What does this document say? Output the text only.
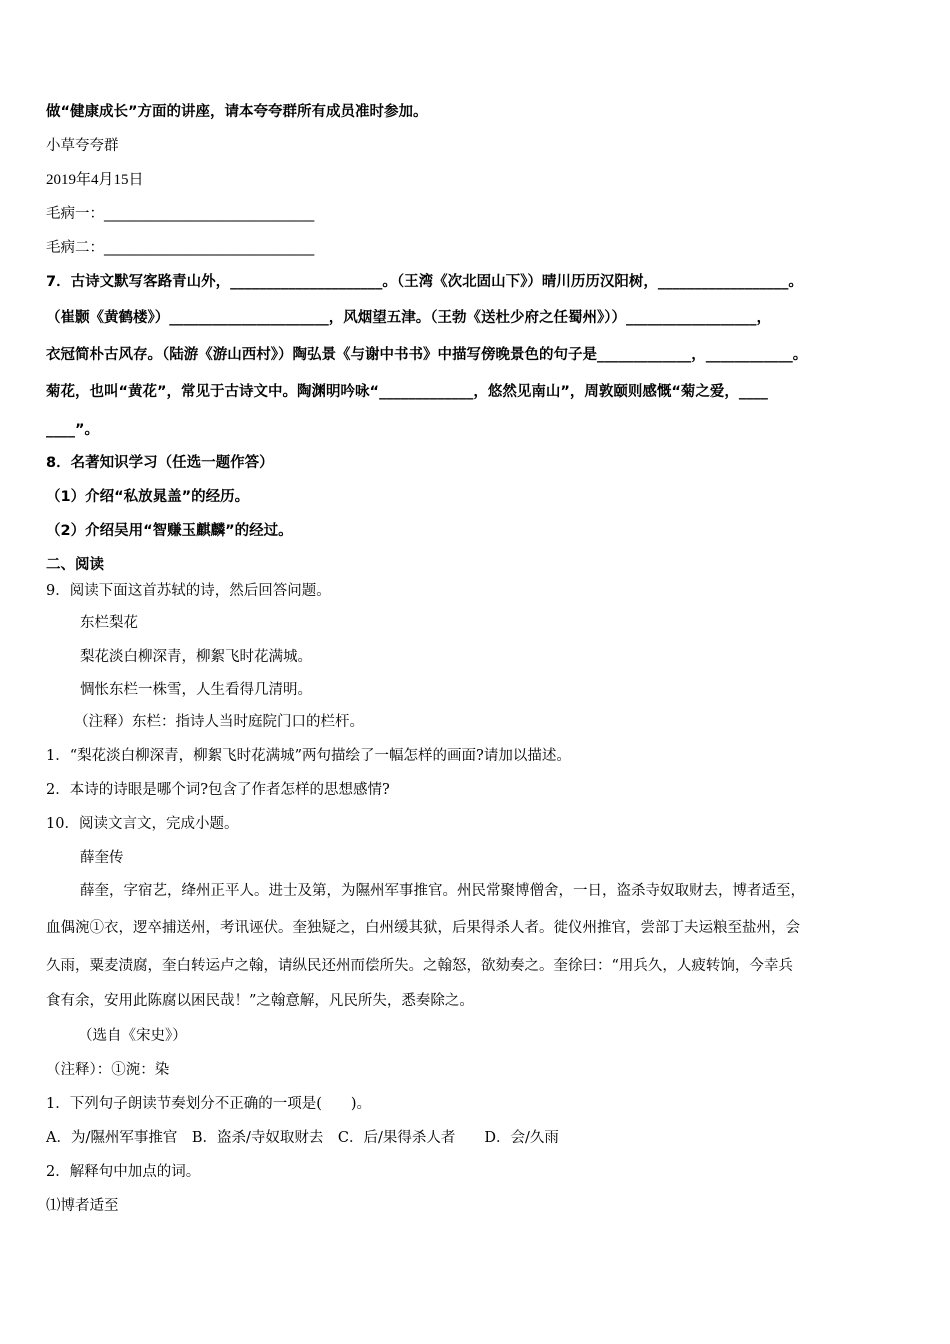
做“健康成长”方面的讲座，请本夸夸群所有成员准时参加。
小草夸夸群
2019年4月15日
毛病一：_____________________________
毛病二：_____________________________
7．古诗文默写客路青山外，_____________________。（王湾《次北固山下》）晴川历历汉阳树，__________________。
（崔颢《黄鹤楼》）______________________，风烟望五津。（王勃《送杜少府之任蜀州》））__________________，
衣冠简朴古风存。（陆游《游山西村》）陶弘景《与谢中书书》中描写傍晚景色的句子是_____________，____________。
菊花，也叫“黄花”，常见于古诗文中。陶渊明吟咏“_____________，悠然见南山”，周敦颐则感慨“菊之爱，____
____”。
8．名著知识学习（任选一题作答）
（1）介绍“私放晁盖”的经历。
（2）介绍吴用“智赚玉麒麟”的经过。
二、阅读
9．阅读下面这首苏轼的诗，然后回答问题。
东栏梨花
梨花淡白柳深青，柳絮飞时花满城。
惆怅东栏一株雪，人生看得几清明。
（注释）东栏：指诗人当时庭院门口的栏杆。
1．“梨花淡白柳深青，柳絮飞时花满城”两句描绘了一幅怎样的画面?请加以描述。
2．本诗的诗眼是哪个词?包含了作者怎样的思想感情?
10．阅读文言文，完成小题。
薛奎传
薛奎，字宿艺，绛州正平人。进士及第，为隰州军事推官。州民常聚博僧舍，一日，盗杀寺奴取财去，博者适至，
血偶涴①衣，逻卒捕送州，考讯诬伏。奎独疑之，白州缓其狱，后果得杀人者。徙仪州推官，尝部丁夫运粮至盐州，会
久雨，粟麦渍腐，奎白转运卢之翰，请纵民还州而偿所失。之翰怒，欲劾奏之。奎徐曰：“用兵久，人疲转饷，今幸兵
食有余，安用此陈腐以困民哉！”之翰意解，凡民所失，悉奏除之。
（选自《宋史》）
（注释）：①涴：染
1．下列句子朗读节奏划分不正确的一项是(　　)。
A．为/隰州军事推官　B．盗杀/寺奴取财去　C．后/果得杀人者　　D．会/久雨
2．解释句中加点的词。
⑴博者适至
